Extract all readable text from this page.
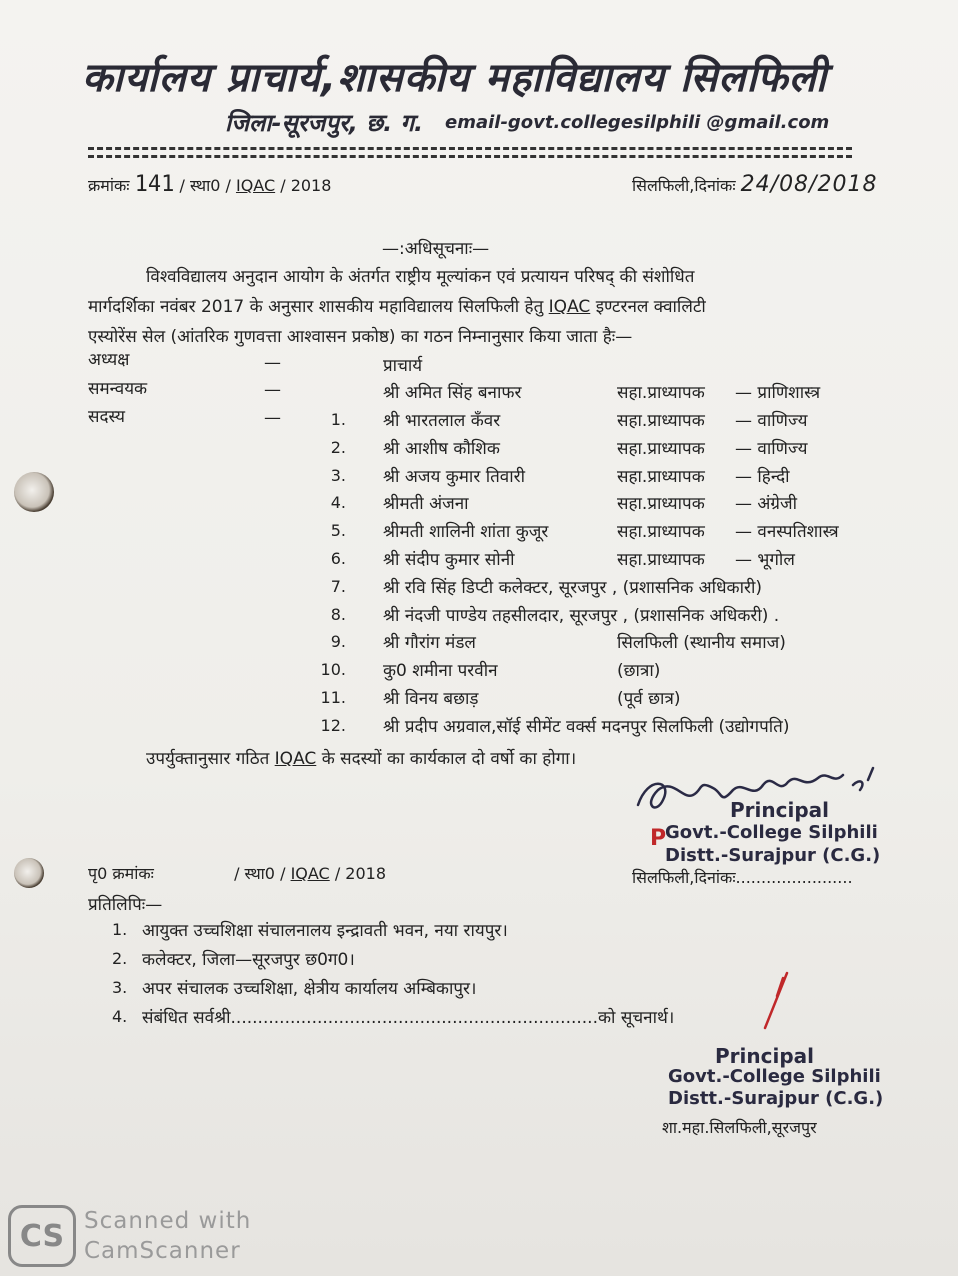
कार्यालय प्राचार्य,शासकीय महाविद्यालय सिलफिली
जिला-सूरजपुर, छ. ग. email-govt.collegesilphili @gmail.com
क्रमांकः 141 / स्था0 / IQAC / 2018	सिलफिली,दिनांकः 24/08/2018
—:अधिसूचनाः—
विश्वविद्यालय अनुदान आयोग के अंतर्गत राष्ट्रीय मूल्यांकन एवं प्रत्यायन परिषद् की संशोधित
मार्गदर्शिका नवंबर 2017 के अनुसार शासकीय महाविद्यालय सिलफिली हेतु IQAC इण्टरनल क्वालिटी
एस्योरेंस सेल (आंतरिक गुणवत्ता आश्वासन प्रकोष्ठ) का गठन निम्नानुसार किया जाता हैः—
अध्यक्ष	—	प्राचार्य
समन्वयक	—	श्री अमित सिंह बनाफर	सहा.प्राध्यापक — प्राणिशास्त्र
सदस्य	—	1. श्री भारतलाल कँवर	सहा.प्राध्यापक — वाणिज्य
2. श्री आशीष कौशिक	सहा.प्राध्यापक — वाणिज्य
3. श्री अजय कुमार तिवारी	सहा.प्राध्यापक — हिन्दी
4. श्रीमती अंजना	सहा.प्राध्यापक — अंग्रेजी
5. श्रीमती शालिनी शांता कुजूर	सहा.प्राध्यापक — वनस्पतिशास्त्र
6. श्री संदीप कुमार सोनी	सहा.प्राध्यापक — भूगोल
7. श्री रवि सिंह डिप्टी कलेक्टर, सूरजपुर , (प्रशासनिक अधिकारी)
8. श्री नंदजी पाण्डेय तहसीलदार, सूरजपुर , (प्रशासनिक अधिकरी) .
9. श्री गौरांग मंडल	सिलफिली (स्थानीय समाज)
10. कु0 शमीना परवीन	(छात्रा)
11. श्री विनय बछाड़	(पूर्व छात्र)
12. श्री प्रदीप अग्रवाल,सॉई सीमेंट वर्क्स मदनपुर सिलफिली (उद्योगपति)
उपर्युक्तानुसार गठित IQAC के सदस्यों का कार्यकाल दो वर्षो का होगा।
Principal
P
Govt.-College Silphili
Distt.-Surajpur (C.G.)
पृ0 क्रमांकः	/ स्था0 / IQAC / 2018	सिलफिली,दिनांकः.......................
प्रतिलिपिः—
1. आयुक्त उच्चशिक्षा संचालनालय इन्द्रावती भवन, नया रायपुर।
2. कलेक्टर, जिला—सूरजपुर छ0ग0।
3. अपर संचालक उच्चशिक्षा, क्षेत्रीय कार्यालय अम्बिकापुर।
4. संबंधित सर्वश्री....................................................................को सूचनार्थ।
Principal
Govt.-College Silphili
Distt.-Surajpur (C.G.)
शा.महा.सिलफिली,सूरजपुर
CS Scanned with
CamScanner
